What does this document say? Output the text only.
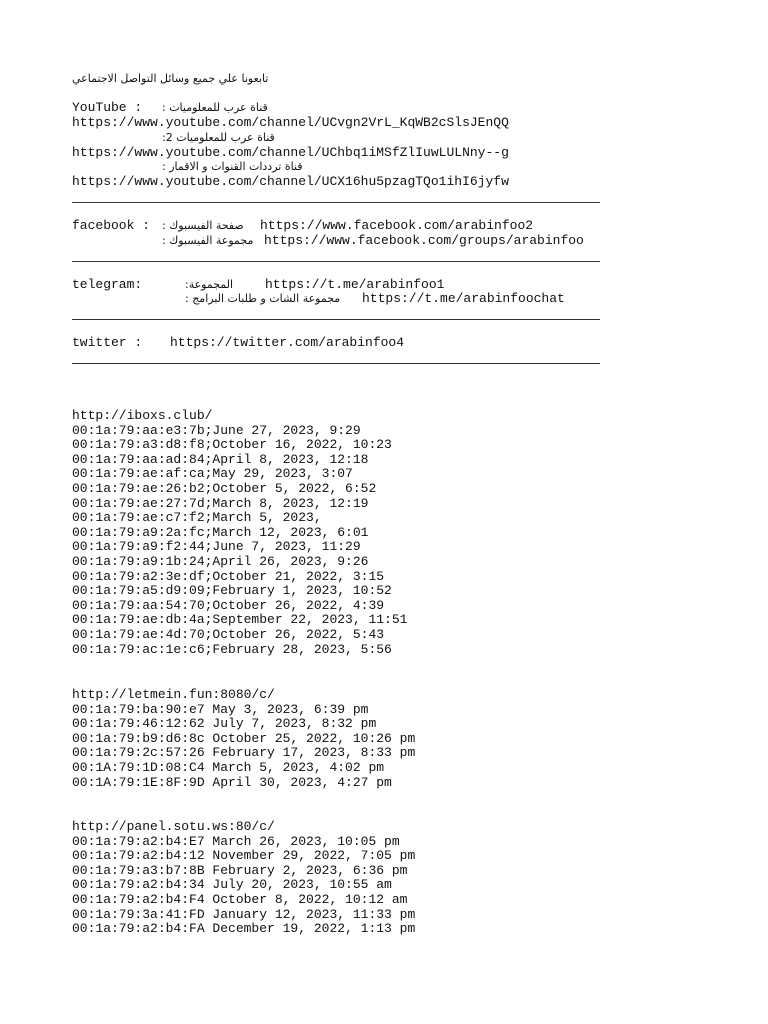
تابعونا علي جميع وسائل التواصل الاجتماعي
YouTube : قناة عرب للمعلوميات :
https://www.youtube.com/channel/UCvgn2VrL_KqWB2cSlsJEnQQ
قناة عرب للمعلوميات 2:
https://www.youtube.com/channel/UChbq1iMSfZlIuwLULNny--g
قناة ترددات القنوات و الاقمار :
https://www.youtube.com/channel/UCX16hu5pzagTQo1ihI6jyfw
facebook : صفحة الفيسبوك : https://www.facebook.com/arabinfoo2
مجموعة الفيسبوك : https://www.facebook.com/groups/arabinfoo
telegram:	المجموعة: https://t.me/arabinfoo1
مجموعة الشات و طلبات البرامج : https://t.me/arabinfoochat
twitter : https://twitter.com/arabinfoo4
http://iboxs.club/
00:1a:79:aa:e3:7b;June 27, 2023, 9:29
00:1a:79:a3:d8:f8;October 16, 2022, 10:23
00:1a:79:aa:ad:84;April 8, 2023, 12:18
00:1a:79:ae:af:ca;May 29, 2023, 3:07
00:1a:79:ae:26:b2;October 5, 2022, 6:52
00:1a:79:ae:27:7d;March 8, 2023, 12:19
00:1a:79:ae:c7:f2;March 5, 2023,
00:1a:79:a9:2a:fc;March 12, 2023, 6:01
00:1a:79:a9:f2:44;June 7, 2023, 11:29
00:1a:79:a9:1b:24;April 26, 2023, 9:26
00:1a:79:a2:3e:df;October 21, 2022, 3:15
00:1a:79:a5:d9:09;February 1, 2023, 10:52
00:1a:79:aa:54:70;October 26, 2022, 4:39
00:1a:79:ae:db:4a;September 22, 2023, 11:51
00:1a:79:ae:4d:70;October 26, 2022, 5:43
00:1a:79:ac:1e:c6;February 28, 2023, 5:56
http://letmein.fun:8080/c/
00:1a:79:ba:90:e7 May 3, 2023, 6:39 pm
00:1a:79:46:12:62 July 7, 2023, 8:32 pm
00:1a:79:b9:d6:8c October 25, 2022, 10:26 pm
00:1a:79:2c:57:26 February 17, 2023, 8:33 pm
00:1A:79:1D:08:C4 March 5, 2023, 4:02 pm
00:1A:79:1E:8F:9D April 30, 2023, 4:27 pm
http://panel.sotu.ws:80/c/
00:1a:79:a2:b4:E7 March 26, 2023, 10:05 pm
00:1a:79:a2:b4:12 November 29, 2022, 7:05 pm
00:1a:79:a3:b7:8B February 2, 2023, 6:36 pm
00:1a:79:a2:b4:34 July 20, 2023, 10:55 am
00:1a:79:a2:b4:F4 October 8, 2022, 10:12 am
00:1a:79:3a:41:FD January 12, 2023, 11:33 pm
00:1a:79:a2:b4:FA December 19, 2022, 1:13 pm
